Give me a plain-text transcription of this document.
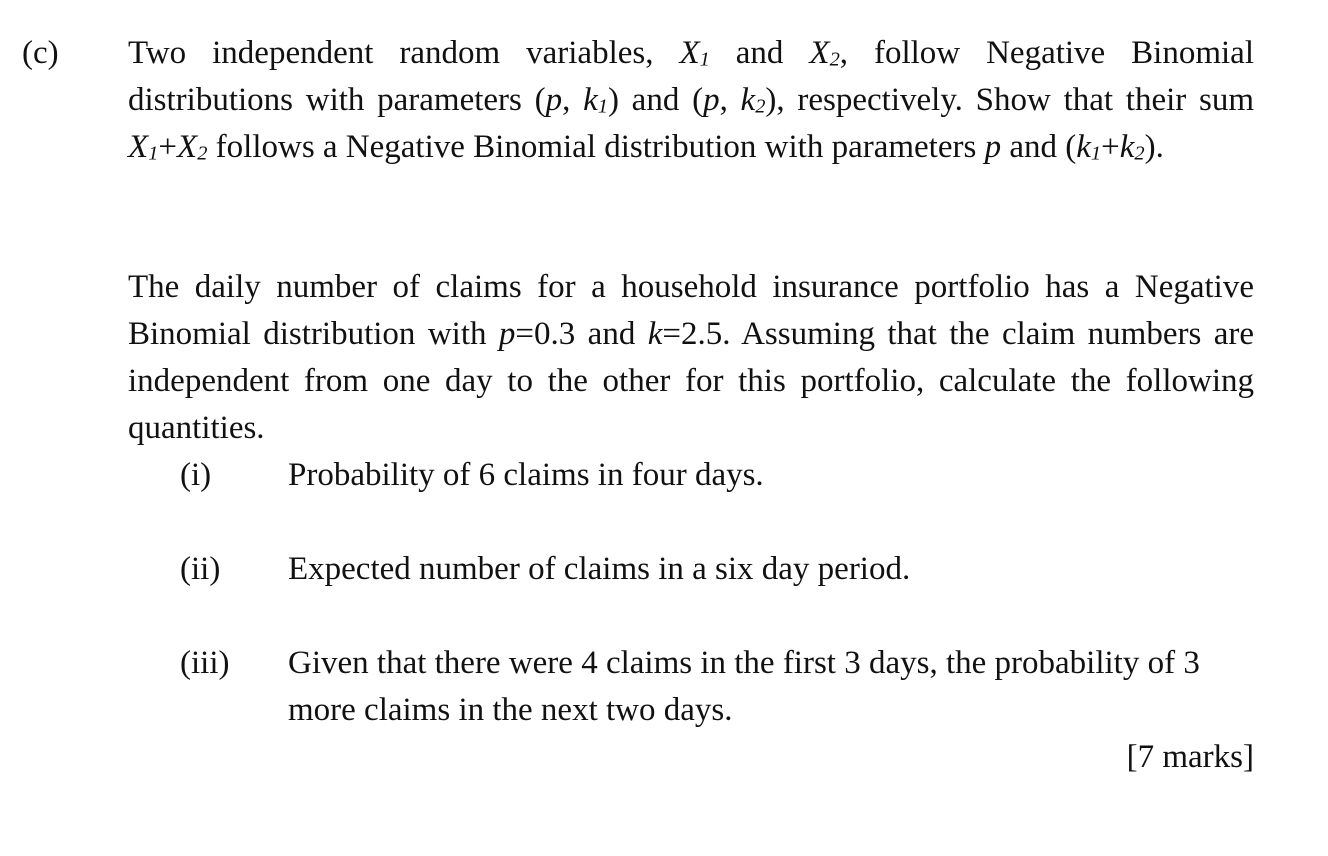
(c) Two independent random variables, X1 and X2, follow Negative Binomial distributions with parameters (p, k1) and (p, k2), respectively. Show that their sum X1+X2 follows a Negative Binomial distribution with parameters p and (k1+k2).
The daily number of claims for a household insurance portfolio has a Negative Binomial distribution with p=0.3 and k=2.5. Assuming that the claim numbers are independent from one day to the other for this portfolio, calculate the following quantities.
(i) Probability of 6 claims in four days.
(ii) Expected number of claims in a six day period.
(iii) Given that there were 4 claims in the first 3 days, the probability of 3 more claims in the next two days.
[7 marks]
